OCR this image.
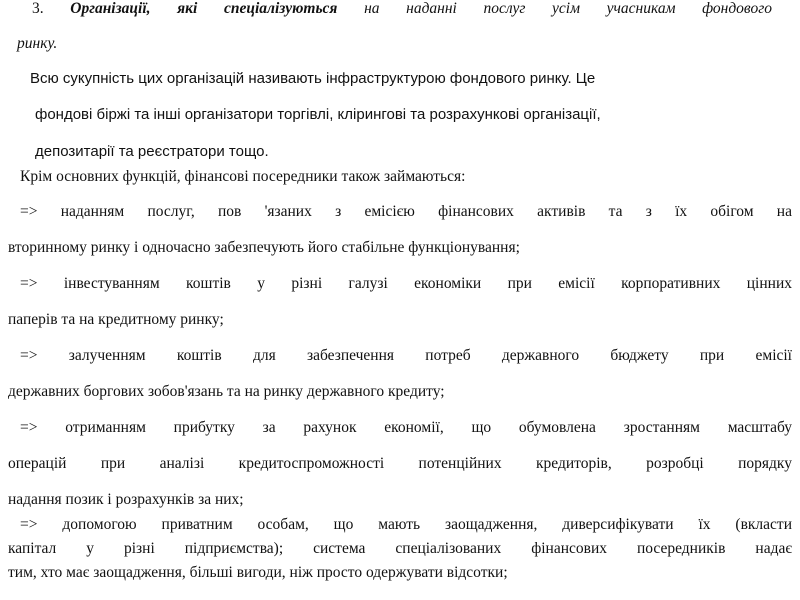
3. Організації, які спеціалізуються на наданні послуг усім учасникам фондового
ринку.
Всю сукупність цих організацій називають інфраструктурою фондового ринку. Це
фондові біржі та інші організатори торгівлі, клірингові та розрахункові організації,
депозитарії та реєстратори тощо.
Крім основних функцій, фінансові посередники також займаються:
=> наданням послуг, пов 'язаних з емісією фінансових активів та з їх обігом на
вторинному ринку і одночасно забезпечують його стабільне функціонування;
=> інвестуванням коштів у різні галузі економіки при емісії корпоративних цінних
паперів та на кредитному ринку;
=> залученням коштів для забезпечення потреб державного бюджету при емісії
державних боргових зобов'язань та на ринку державного кредиту;
=> отриманням прибутку за рахунок економії, що обумовлена зростанням масштабу
операцій при аналізі кредитоспроможності потенційних кредиторів, розробці порядку
надання позик і розрахунків за них;
=> допомогою приватним особам, що мають заощадження, диверсифікувати їх (вкласти
капітал у різні підприємства); система спеціалізованих фінансових посередників надає
тим, хто має заощадження, більші вигоди, ніж просто одержувати відсотки;
